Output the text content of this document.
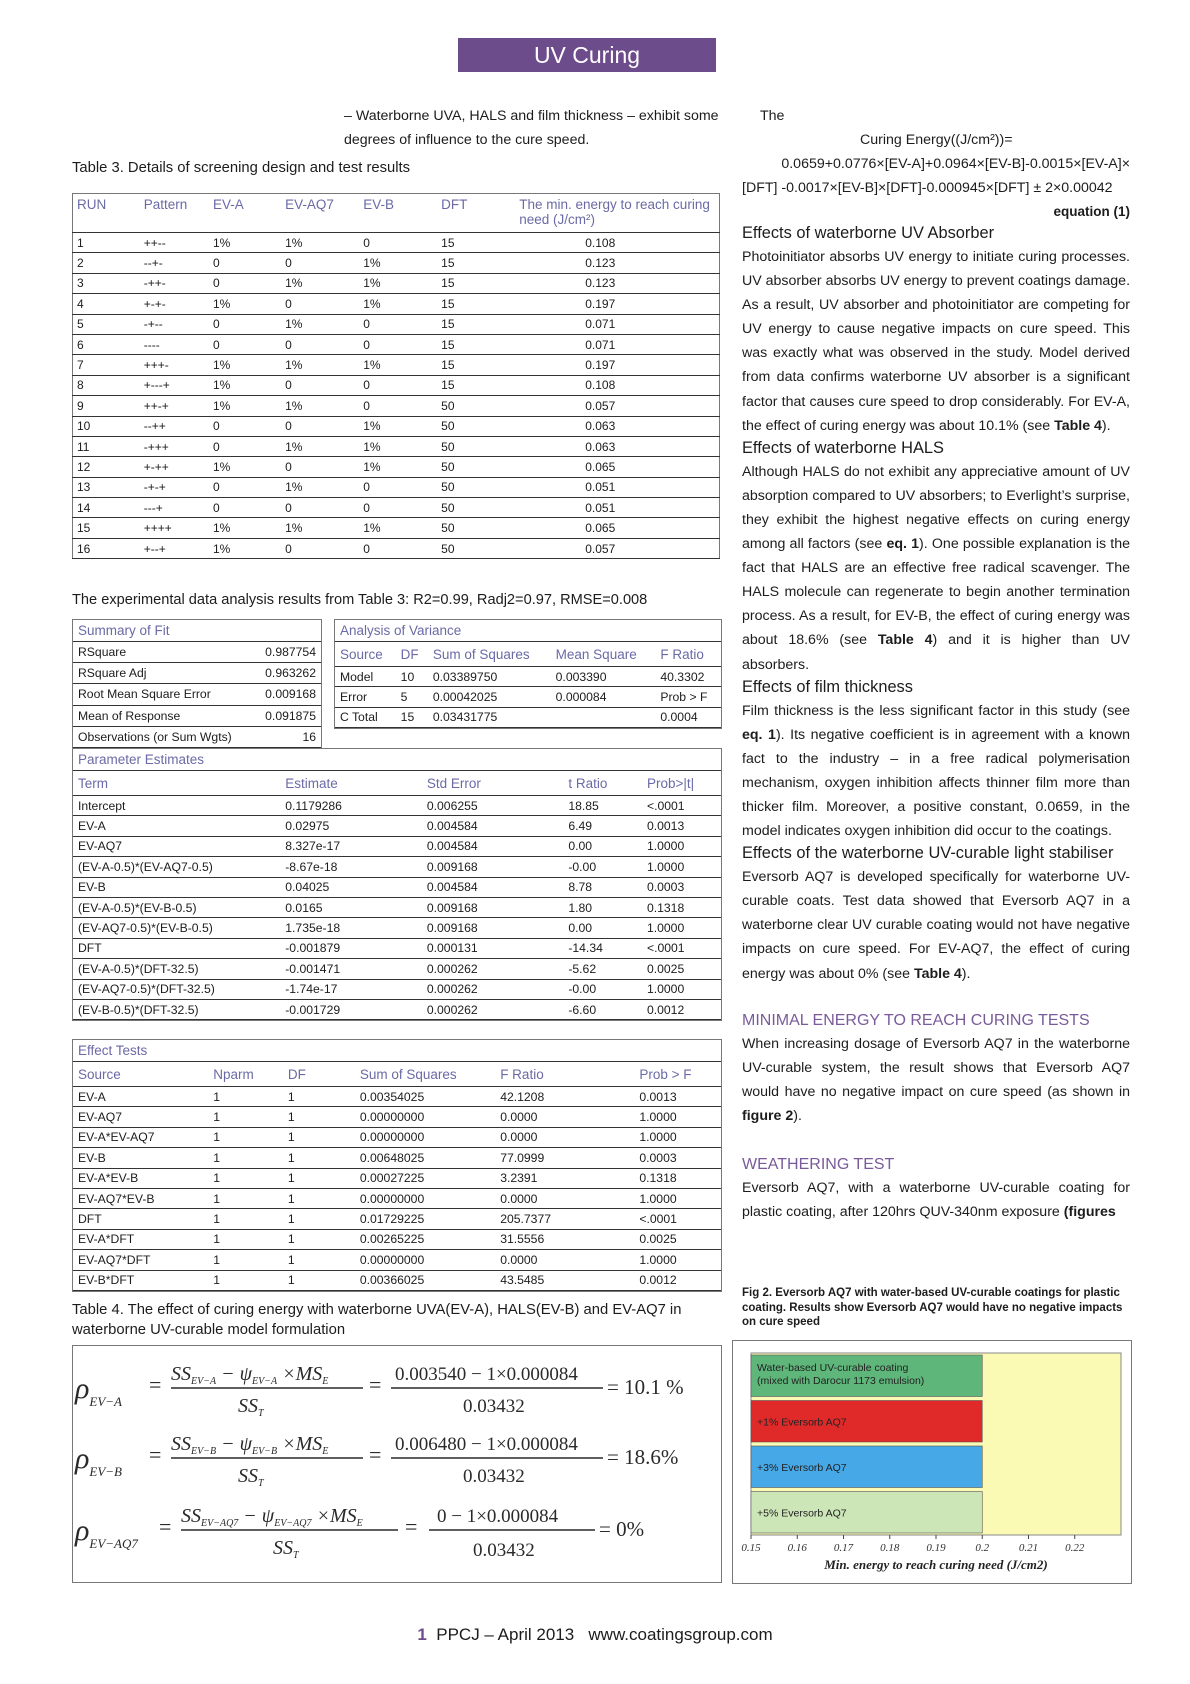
UV Curing
– Waterborne UVA, HALS and film thickness – exhibit some
degrees of influence to the cure speed.
Table 3. Details of screening design and test results
RUN	Pattern	EV-A	EV-AQ7	EV-B	DFT	The min. energy to reach curing need (J/cm²)
1	++--	1%	1%	0	15	0.108
2	--+-	0	0	1%	15	0.123
3	-++-	0	1%	1%	15	0.123
4	+-+-	1%	0	1%	15	0.197
5	-+--	0	1%	0	15	0.071
6	----	0	0	0	15	0.071
7	+++-	1%	1%	1%	15	0.197
8	+---+	1%	0	0	15	0.108
9	++-+	1%	1%	0	50	0.057
10	--++	0	0	1%	50	0.063
11	-+++	0	1%	1%	50	0.063
12	+-++	1%	0	1%	50	0.065
13	-+-+	0	1%	0	50	0.051
14	---+	0	0	0	50	0.051
15	++++	1%	1%	1%	50	0.065
16	+--+	1%	0	0	50	0.057
The experimental data analysis results from Table 3: R2=0.99, Radj2=0.97, RMSE=0.008
Summary of Fit
RSquare	0.987754
RSquare Adj	0.963262
Root Mean Square Error	0.009168
Mean of Response	0.091875
Observations (or Sum Wgts)	16
Analysis of Variance
Source	DF	Sum of Squares	Mean Square	F Ratio
Model	10	0.03389750	0.003390	40.3302
Error	5	0.00042025	0.000084	Prob > F
C Total	15	0.03431775		0.0004
Parameter Estimates
Term	Estimate	Std Error	t Ratio	Prob>|t|
Intercept	0.1179286	0.006255	18.85	<.0001
EV-A	0.02975	0.004584	6.49	0.0013
EV-AQ7	8.327e-17	0.004584	0.00	1.0000
(EV-A-0.5)*(EV-AQ7-0.5)	-8.67e-18	0.009168	-0.00	1.0000
EV-B	0.04025	0.004584	8.78	0.0003
(EV-A-0.5)*(EV-B-0.5)	0.0165	0.009168	1.80	0.1318
(EV-AQ7-0.5)*(EV-B-0.5)	1.735e-18	0.009168	0.00	1.0000
DFT	-0.001879	0.000131	-14.34	<.0001
(EV-A-0.5)*(DFT-32.5)	-0.001471	0.000262	-5.62	0.0025
(EV-AQ7-0.5)*(DFT-32.5)	-1.74e-17	0.000262	-0.00	1.0000
(EV-B-0.5)*(DFT-32.5)	-0.001729	0.000262	-6.60	0.0012
Effect Tests
Source	Nparm	DF	Sum of Squares	F Ratio	Prob > F
EV-A	1	1	0.00354025	42.1208	0.0013
EV-AQ7	1	1	0.00000000	0.0000	1.0000
EV-A*EV-AQ7	1	1	0.00000000	0.0000	1.0000
EV-B	1	1	0.00648025	77.0999	0.0003
EV-A*EV-B	1	1	0.00027225	3.2391	0.1318
EV-AQ7*EV-B	1	1	0.00000000	0.0000	1.0000
DFT	1	1	0.01729225	205.7377	<.0001
EV-A*DFT	1	1	0.00265225	31.5556	0.0025
EV-AQ7*DFT	1	1	0.00000000	0.0000	1.0000
EV-B*DFT	1	1	0.00366025	43.5485	0.0012
Table 4. The effect of curing energy with waterborne UVA(EV-A), HALS(EV-B) and EV-AQ7 in waterborne UV-curable model formulation
$\rho_{EV-A}$
= $SS_{EV-A} - \psi_{EV-A} \times MS_E$
$SS_T$
= 0.003540 − 1×0.000084
0.03432
= 10.1 %
$\rho_{EV-B}$
= $SS_{EV-B} - \psi_{EV-B} \times MS_E$
$SS_T$
= 0.006480 − 1×0.000084
0.03432
= 18.6%
$\rho_{EV-AQ7}$
= $SS_{EV-AQ7} - \psi_{EV-AQ7} \times MS_E$
$SS_T$
= 0 − 1×0.000084
0.03432
= 0%
The
Curing Energy((J/cm²))=
0.0659+0.0776×[EV-A]+0.0964×[EV-B]-0.0015×[EV-A]×
[DFT] -0.0017×[EV-B]×[DFT]-0.000945×[DFT] ± 2×0.00042
equation (1)
Effects of waterborne UV Absorber

Photoinitiator absorbs UV energy to initiate curing processes. UV absorber absorbs UV energy to prevent coatings damage. As a result, UV absorber and photoinitiator are competing for UV energy to cause negative impacts on cure speed. This was exactly what was observed in the study. Model derived from data confirms waterborne UV absorber is a significant factor that causes cure speed to drop considerably. For EV-A, the effect of curing energy was about 10.1% (see Table 4).

Effects of waterborne HALS

Although HALS do not exhibit any appreciative amount of UV absorption compared to UV absorbers; to Everlight’s surprise, they exhibit the highest negative effects on curing energy among all factors (see eq. 1). One possible explanation is the fact that HALS are an effective free radical scavenger. The HALS molecule can regenerate to begin another termination process. As a result, for EV-B, the effect of curing energy was about 18.6% (see Table 4) and it is higher than UV absorbers.

Effects of film thickness

Film thickness is the less significant factor in this study (see eq. 1). Its negative coefficient is in agreement with a known fact to the industry – in a free radical polymerisation mechanism, oxygen inhibition affects thinner film more than thicker film. Moreover, a positive constant, 0.0659, in the model indicates oxygen inhibition did occur to the coatings.

Effects of the waterborne UV-curable light stabiliser

Eversorb AQ7 is developed specifically for waterborne UV-curable coats. Test data showed that Eversorb AQ7 in a waterborne clear UV curable coating would not have negative impacts on cure speed. For EV-AQ7, the effect of curing energy was about 0% (see Table 4).

MINIMAL ENERGY TO REACH CURING TESTS

When increasing dosage of Eversorb AQ7 in the waterborne UV-curable system, the result shows that Eversorb AQ7 would have no negative impact on cure speed (as shown in figure 2).

WEATHERING TEST

Eversorb AQ7, with a waterborne UV-curable coating for plastic coating, after 120hrs QUV-340nm exposure (figures

Fig 2. Eversorb AQ7 with water-based UV-curable coatings for plastic coating. Results show Eversorb AQ7 would have no negative impacts on cure speed
Water-based UV-curable coating
(mixed with Darocur 1173 emulsion)
+1% Eversorb AQ7
+3% Eversorb AQ7
+5% Eversorb AQ7
0.15 0.16 0.17 0.18 0.19	0.2	0.21 0.22
Min. energy to reach curing need (J/cm2)
1 PPCJ – April 2013 www.coatingsgroup.com
